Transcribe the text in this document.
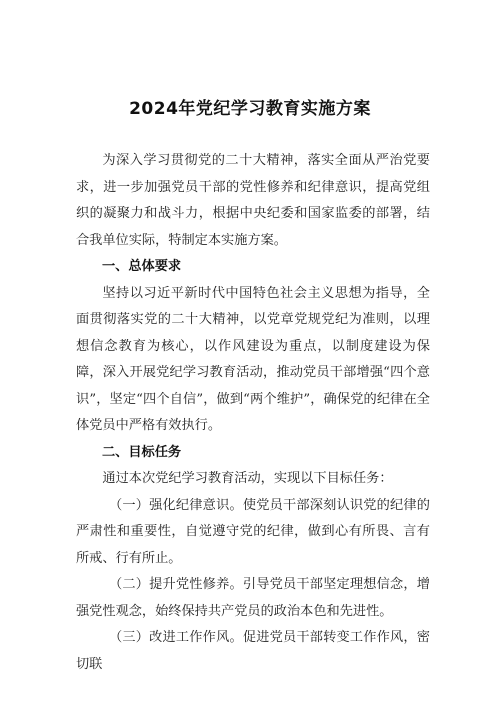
2024年党纪学习教育实施方案

为深入学习贯彻党的二十大精神，落实全面从严治党要求，进一步加强党员干部的党性修养和纪律意识，提高党组织的凝聚力和战斗力，根据中央纪委和国家监委的部署，结合我单位实际，特制定本实施方案。

一、总体要求

坚持以习近平新时代中国特色社会主义思想为指导，全面贯彻落实党的二十大精神，以党章党规党纪为准则，以理想信念教育为核心，以作风建设为重点，以制度建设为保障，深入开展党纪学习教育活动，推动党员干部增强“四个意识”，坚定“四个自信”，做到“两个维护”，确保党的纪律在全体党员中严格有效执行。

二、目标任务

通过本次党纪学习教育活动，实现以下目标任务：

（一）强化纪律意识。使党员干部深刻认识党的纪律的严肃性和重要性，自觉遵守党的纪律，做到心有所畏、言有所戒、行有所止。

（二）提升党性修养。引导党员干部坚定理想信念，增强党性观念，始终保持共产党员的政治本色和先进性。

（三）改进工作作风。促进党员干部转变工作作风，密切联
